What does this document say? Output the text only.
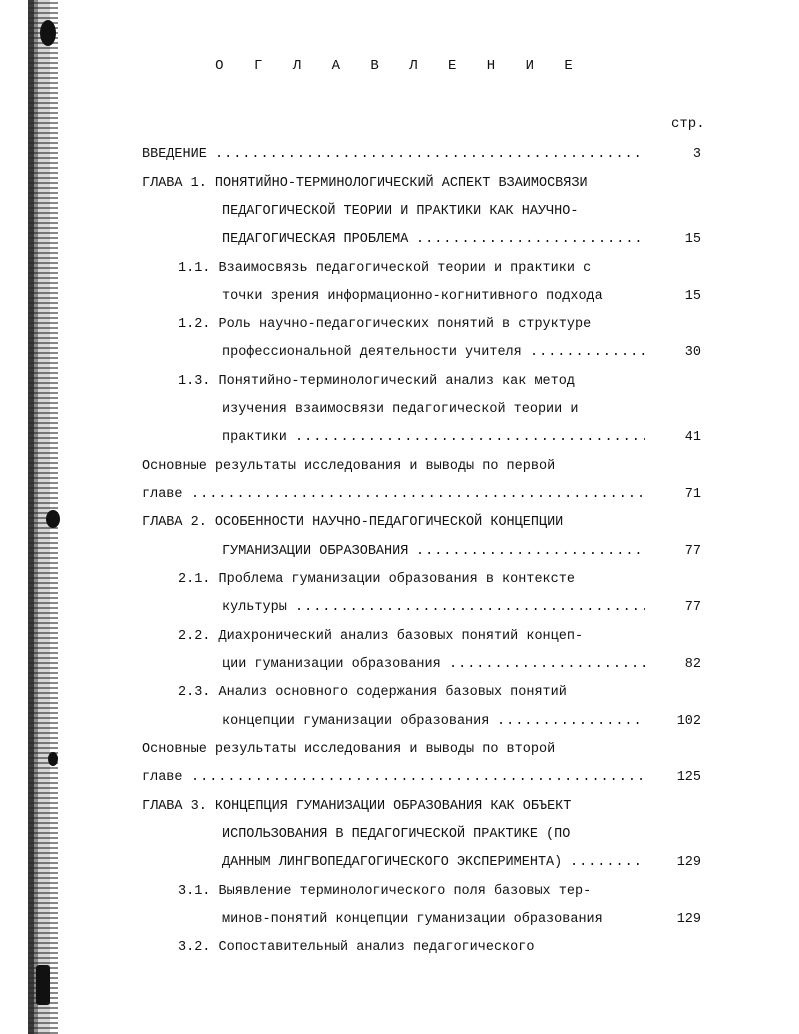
О Г Л А В Л Е Н И Е
стр.
ВВЕДЕНИЕ	3
.....
ГЛАВА 1. ПОНЯТИЙНО-ТЕРМИНОЛОГИЧЕСКИЙ АСПЕКТ ВЗАИМОСВЯЗИ
ПЕДАГОГИЧЕСКОЙ ТЕОРИИ И ПРАКТИКИ КАК НАУЧНО-
ПЕДАГОГИЧЕСКАЯ ПРОБЛЕМА	15
.....
1.1. Взаимосвязь педагогической теории и практики с
точки зрения информационно-когнитивного подхода	15
1.2. Роль научно-педагогических понятий в структуре
профессиональной деятельности учителя	30
.....
1.3. Понятийно-терминологический анализ как метод
изучения взаимосвязи педагогической теории и
практики	41
.....
Основные результаты исследования и выводы по первой
главе	71
.....
ГЛАВА 2. ОСОБЕННОСТИ НАУЧНО-ПЕДАГОГИЧЕСКОЙ КОНЦЕПЦИИ
ГУМАНИЗАЦИИ ОБРАЗОВАНИЯ	77
.....
2.1. Проблема гуманизации образования в контексте
культуры	77
.....
2.2. Диахронический анализ базовых понятий концеп-
ции гуманизации образования	82
.....
2.3. Анализ основного содержания базовых понятий
концепции гуманизации образования	102
.....
Основные результаты исследования и выводы по второй
главе	125
.....
ГЛАВА 3. КОНЦЕПЦИЯ ГУМАНИЗАЦИИ ОБРАЗОВАНИЯ КАК ОБЪЕКТ
ИСПОЛЬЗОВАНИЯ В ПЕДАГОГИЧЕСКОЙ ПРАКТИКЕ (ПО
ДАННЫМ ЛИНГВОПЕДАГОГИЧЕСКОГО ЭКСПЕРИМЕНТА)	129
.....
3.1. Выявление терминологического поля базовых тер-
минов-понятий концепции гуманизации образования	129
3.2. Сопоставительный анализ педагогического
